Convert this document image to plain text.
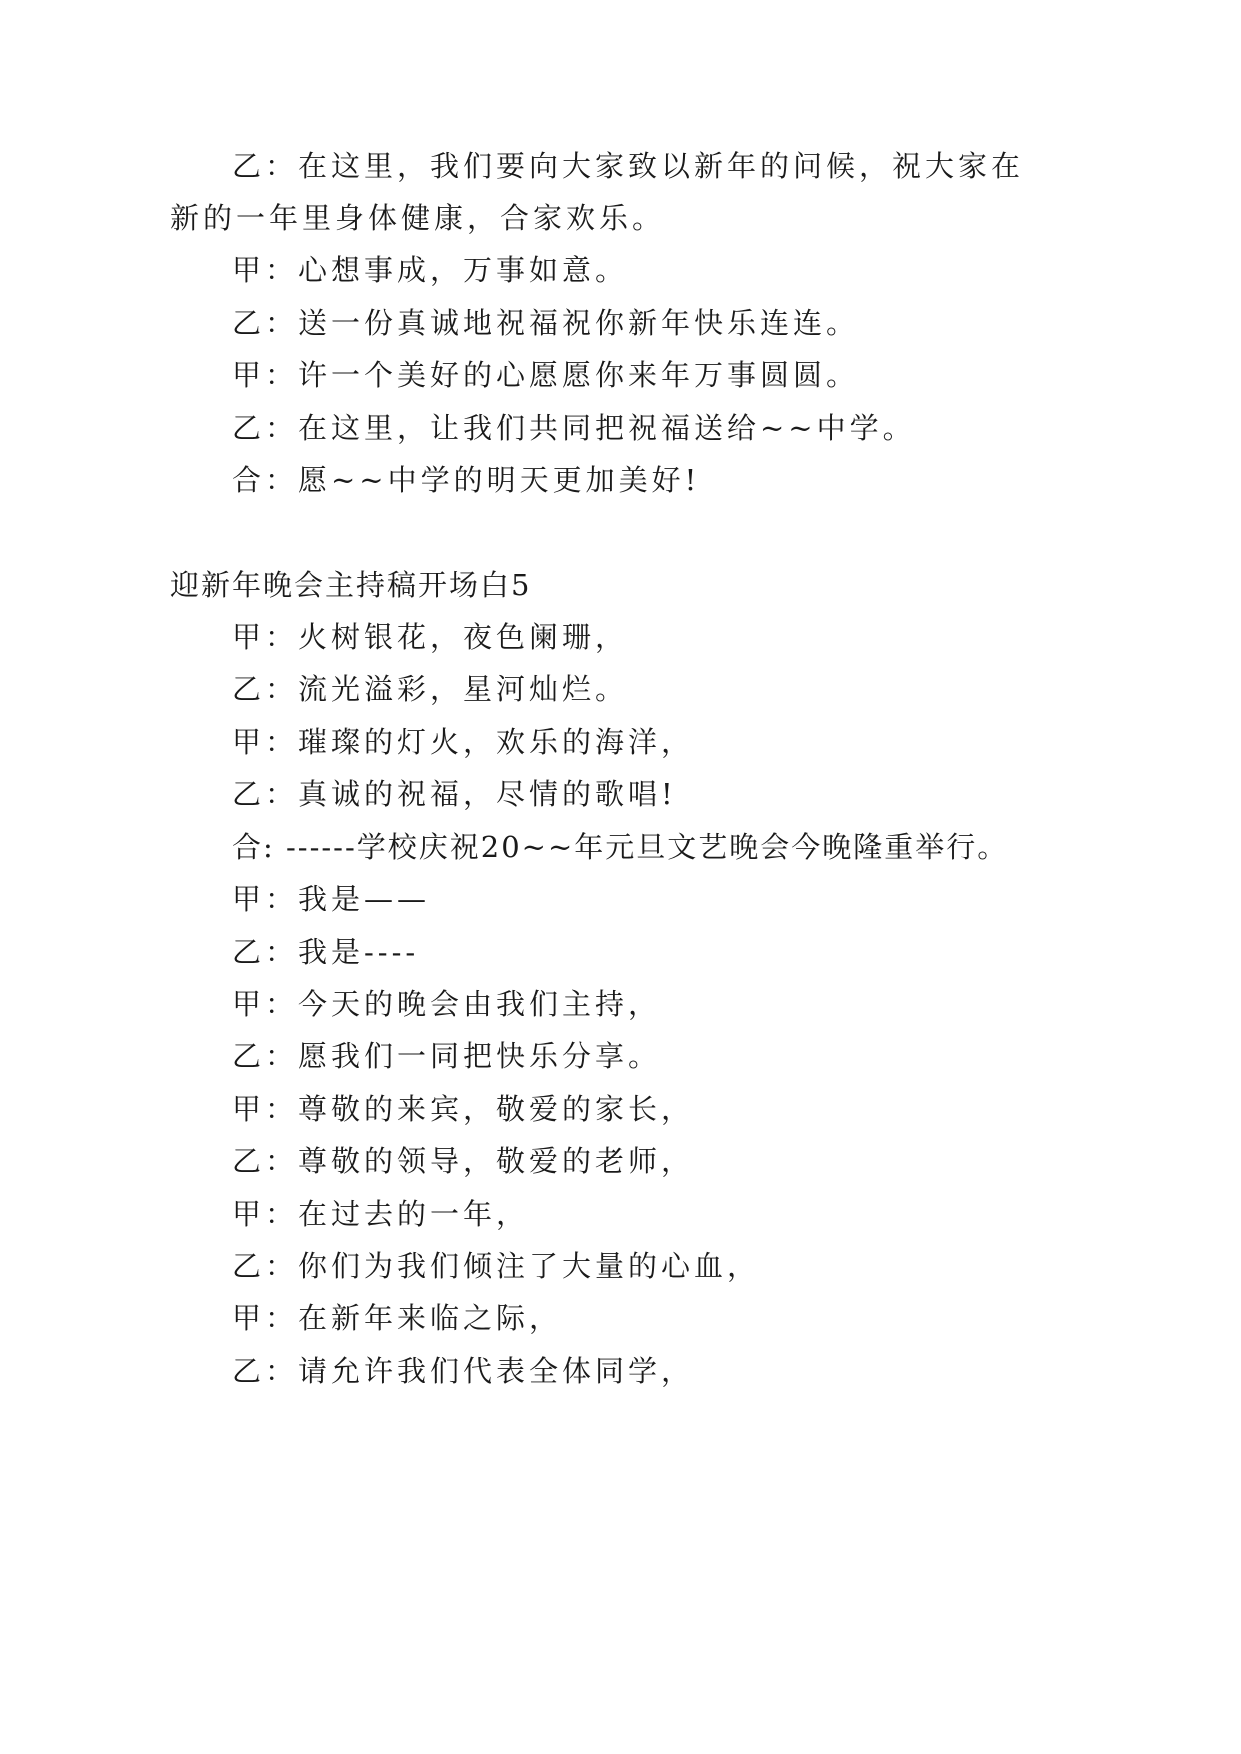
乙：在这里，我们要向大家致以新年的问候，祝大家在
新的一年里身体健康，合家欢乐。
甲：心想事成，万事如意。
乙：送一份真诚地祝福祝你新年快乐连连。
甲：许一个美好的心愿愿你来年万事圆圆。
乙：在这里，让我们共同把祝福送给~~中学。
合：愿~~中学的明天更加美好!
迎新年晚会主持稿开场白5
甲：火树银花，夜色阑珊，
乙：流光溢彩，星河灿烂。
甲：璀璨的灯火，欢乐的海洋，
乙：真诚的祝福，尽情的歌唱!
合: ------学校庆祝20~~年元旦文艺晚会今晚隆重举行。
甲：我是——
乙：我是----
甲：今天的晚会由我们主持，
乙：愿我们一同把快乐分享。
甲：尊敬的来宾，敬爱的家长，
乙：尊敬的领导，敬爱的老师，
甲：在过去的一年，
乙：你们为我们倾注了大量的心血，
甲：在新年来临之际，
乙：请允许我们代表全体同学，
